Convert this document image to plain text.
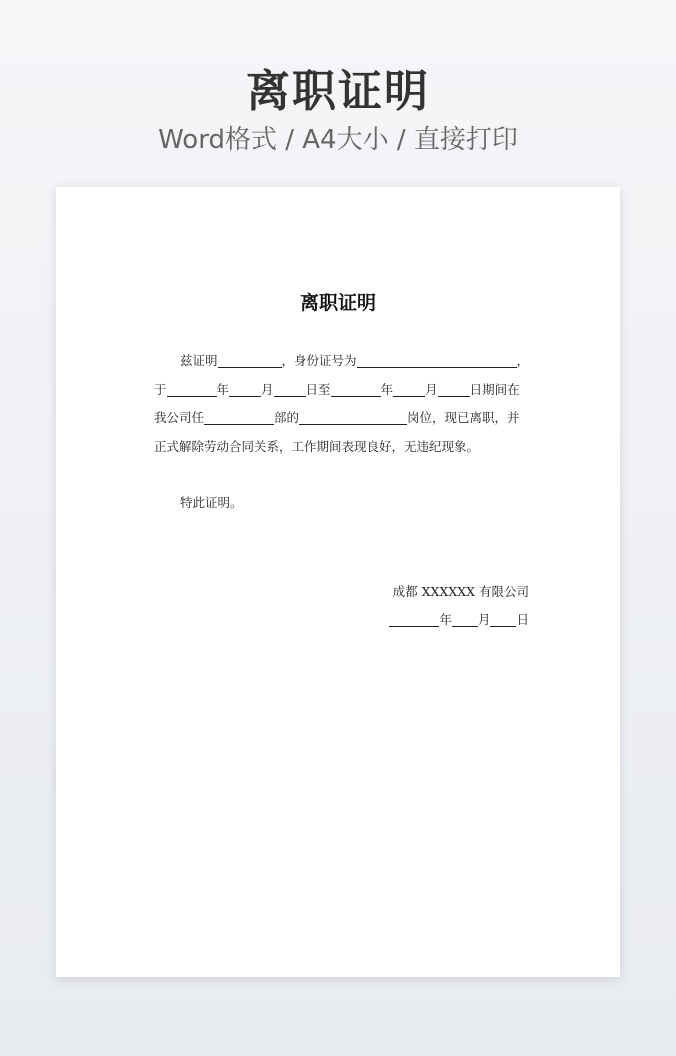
离职证明
Word格式 / A4大小 / 直接打印
离职证明
兹证明	，身份证号为	，
于	年	月	日至	年	月	日期间在
我公司任	部的	岗位，现已离职，并
正式解除劳动合同关系，工作期间表现良好，无违纪现象。
特此证明。
成都 XXXXXX 有限公司
年 月 日
